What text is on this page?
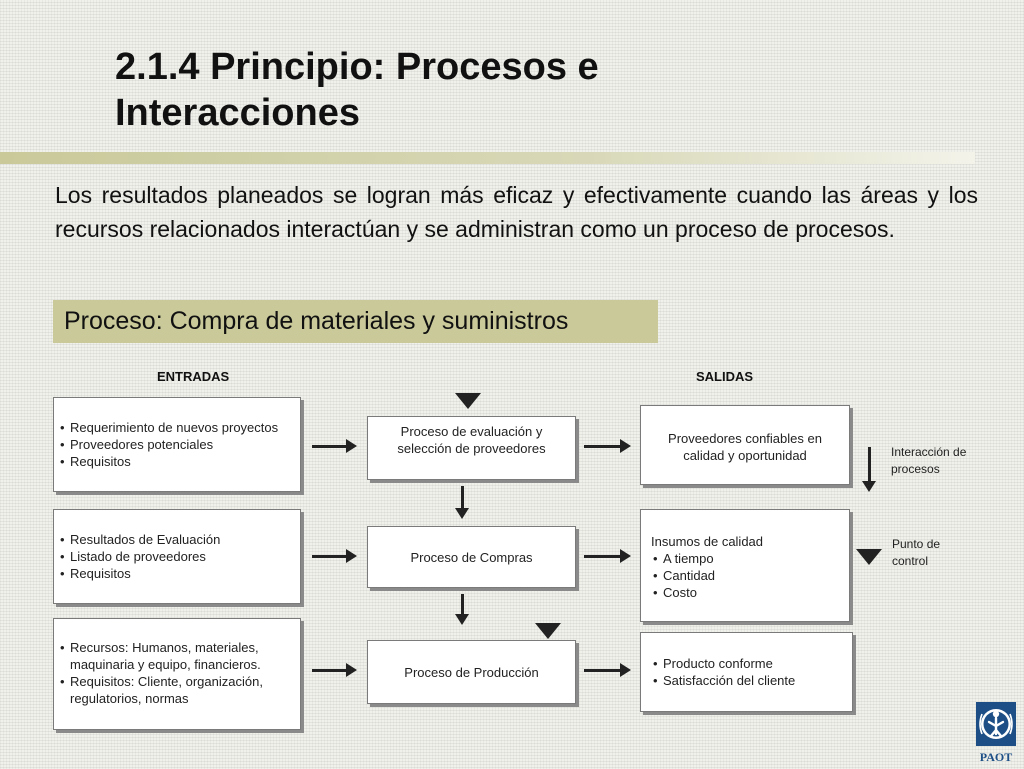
2.1.4 Principio: Procesos e Interacciones
Los resultados planeados se logran más eficaz y efectivamente cuando las áreas y los recursos relacionados interactúan y se administran como un proceso de procesos.
Proceso: Compra de materiales y suministros
ENTRADAS	SALIDAS
• Requerimiento de nuevos proyectos
• Proveedores potenciales
• Requisitos
• Resultados de Evaluación
• Listado de proveedores
• Requisitos
• Recursos: Humanos, materiales, maquinaria y equipo, financieros.
• Requisitos: Cliente, organización, regulatorios, normas
Proceso de evaluación y selección de proveedores
Proceso de Compras
Proceso de Producción
Proveedores confiables en calidad y oportunidad
Insumos de calidad
• A tiempo
• Cantidad
• Costo
• Producto conforme
• Satisfacción del cliente
Interacción de procesos
Punto de control
PAOT
